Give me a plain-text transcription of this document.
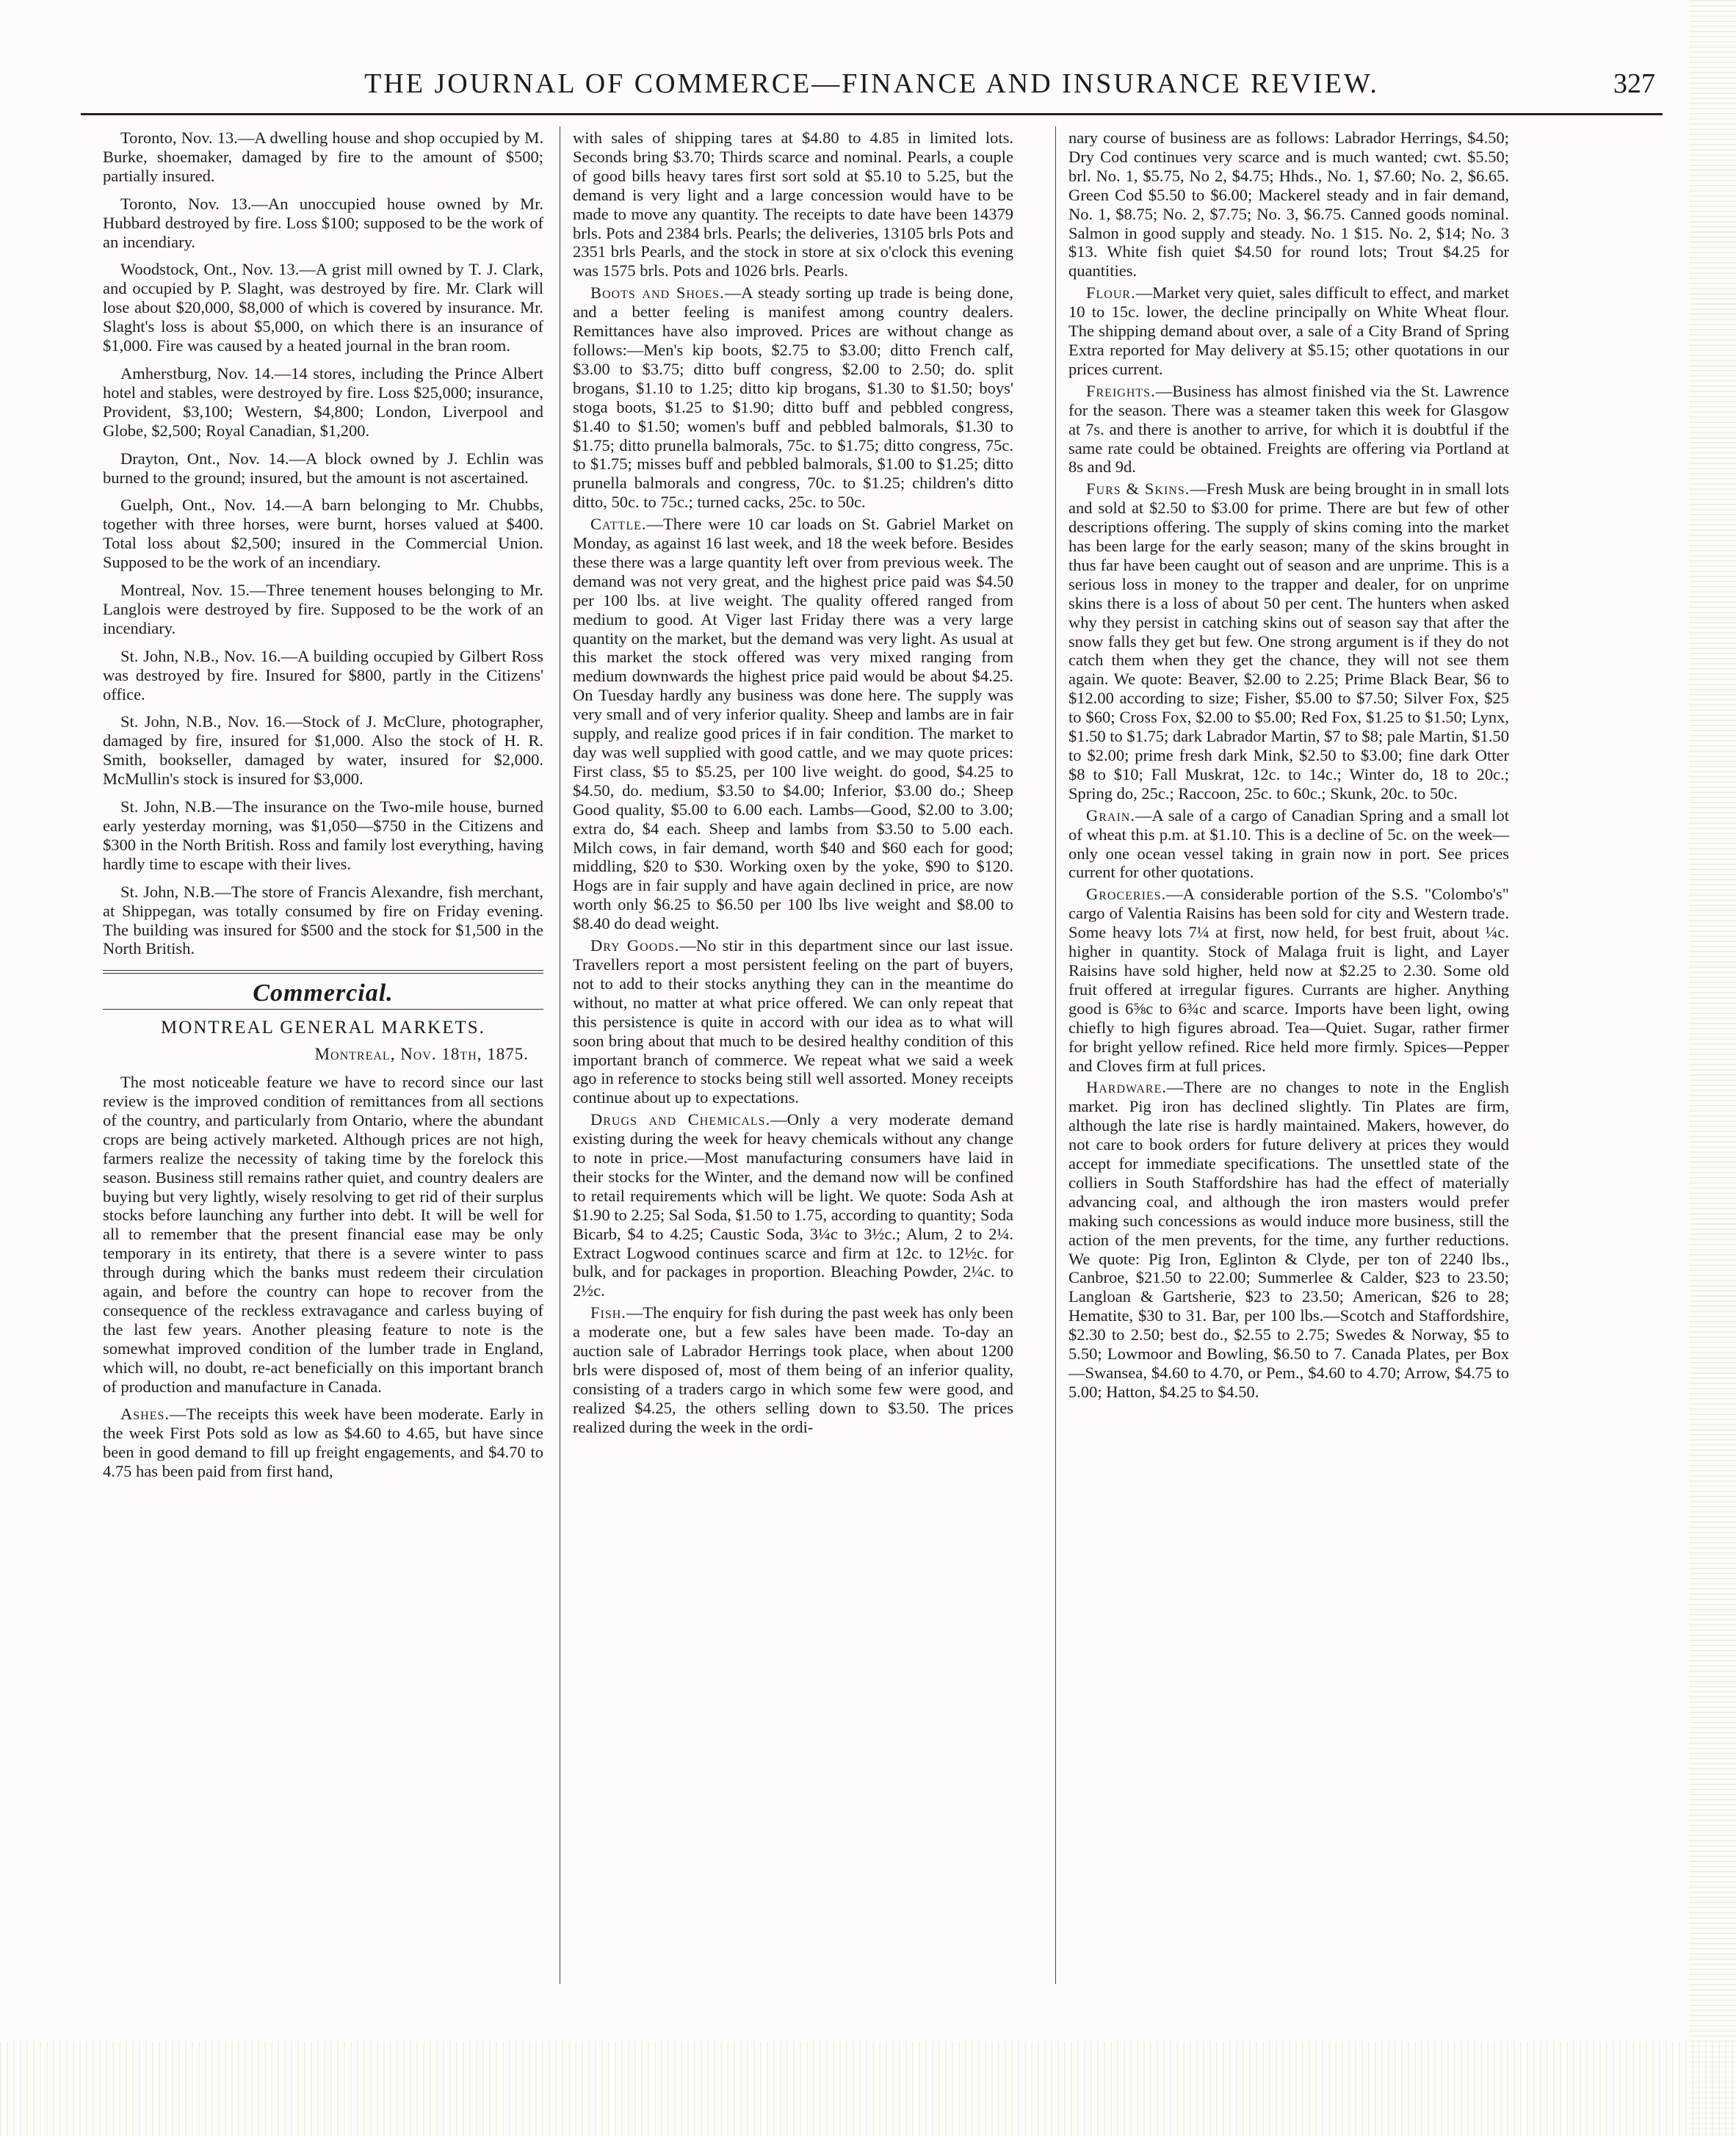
THE JOURNAL OF COMMERCE—FINANCE AND INSURANCE REVIEW.	327

Toronto, Nov. 13.—A dwelling house and shop occupied by M. Burke, shoemaker, damaged by fire to the amount of $500; partially insured.

Toronto, Nov. 13.—An unoccupied house owned by Mr. Hubbard destroyed by fire. Loss $100; supposed to be the work of an incendiary.

Woodstock, Ont., Nov. 13.—A grist mill owned by T. J. Clark, and occupied by P. Slaght, was destroyed by fire. Mr. Clark will lose about $20,000, $8,000 of which is covered by insurance. Mr. Slaght's loss is about $5,000, on which there is an insurance of $1,000. Fire was caused by a heated journal in the bran room.

Amherstburg, Nov. 14.—14 stores, including the Prince Albert hotel and stables, were destroyed by fire. Loss $25,000; insurance, Provident, $3,100; Western, $4,800; London, Liverpool and Globe, $2,500; Royal Canadian, $1,200.

Drayton, Ont., Nov. 14.—A block owned by J. Echlin was burned to the ground; insured, but the amount is not ascertained.

Guelph, Ont., Nov. 14.—A barn belonging to Mr. Chubbs, together with three horses, were burnt, horses valued at $400. Total loss about $2,500; insured in the Commercial Union. Supposed to be the work of an incendiary.

Montreal, Nov. 15.—Three tenement houses belonging to Mr. Langlois were destroyed by fire. Supposed to be the work of an incendiary.

St. John, N.B., Nov. 16.—A building occupied by Gilbert Ross was destroyed by fire. Insured for $800, partly in the Citizens' office.

St. John, N.B., Nov. 16.—Stock of J. McClure, photographer, damaged by fire, insured for $1,000. Also the stock of H. R. Smith, bookseller, damaged by water, insured for $2,000. McMullin's stock is insured for $3,000.

St. John, N.B.—The insurance on the Two-mile house, burned early yesterday morning, was $1,050—$750 in the Citizens and $300 in the North British. Ross and family lost everything, having hardly time to escape with their lives.

St. John, N.B.—The store of Francis Alexandre, fish merchant, at Shippegan, was totally consumed by fire on Friday evening. The building was insured for $500 and the stock for $1,500 in the North British.

Commercial.
MONTREAL GENERAL MARKETS.
Montreal, Nov. 18th, 1875.

The most noticeable feature we have to record since our last review is the improved condition of remittances from all sections of the country, and particularly from Ontario, where the abundant crops are being actively marketed. Although prices are not high, farmers realize the necessity of taking time by the forelock this season. Business still remains rather quiet, and country dealers are buying but very lightly, wisely resolving to get rid of their surplus stocks before launching any further into debt. It will be well for all to remember that the present financial ease may be only temporary in its entirety, that there is a severe winter to pass through during which the banks must redeem their circulation again, and before the country can hope to recover from the consequence of the reckless extravagance and carless buying of the last few years. Another pleasing feature to note is the somewhat improved condition of the lumber trade in England, which will, no doubt, re-act beneficially on this important branch of production and manufacture in Canada.

Ashes.—The receipts this week have been moderate. Early in the week First Pots sold as low as $4.60 to 4.65, but have since been in good demand to fill up freight engagements, and $4.70 to 4.75 has been paid from first hand,

with sales of shipping tares at $4.80 to 4.85 in limited lots. Seconds bring $3.70; Thirds scarce and nominal. Pearls, a couple of good bills heavy tares first sort sold at $5.10 to 5.25, but the demand is very light and a large concession would have to be made to move any quantity. The receipts to date have been 14379 brls. Pots and 2384 brls. Pearls; the deliveries, 13105 brls Pots and 2351 brls Pearls, and the stock in store at six o'clock this evening was 1575 brls. Pots and 1026 brls. Pearls.

Boots and Shoes.—A steady sorting up trade is being done, and a better feeling is manifest among country dealers. Remittances have also improved. Prices are without change as follows:—Men's kip boots, $2.75 to $3.00; ditto French calf, $3.00 to $3.75; ditto buff congress, $2.00 to 2.50; do. split brogans, $1.10 to 1.25; ditto kip brogans, $1.30 to $1.50; boys' stoga boots, $1.25 to $1.90; ditto buff and pebbled congress, $1.40 to $1.50; women's buff and pebbled balmorals, $1.30 to $1.75; ditto prunella balmorals, 75c. to $1.75; ditto congress, 75c. to $1.75; misses buff and pebbled balmorals, $1.00 to $1.25; ditto prunella balmorals and congress, 70c. to $1.25; children's ditto ditto, 50c. to 75c.; turned cacks, 25c. to 50c.

Cattle.—There were 10 car loads on St. Gabriel Market on Monday, as against 16 last week, and 18 the week before. Besides these there was a large quantity left over from previous week. The demand was not very great, and the highest price paid was $4.50 per 100 lbs. at live weight. The quality offered ranged from medium to good. At Viger last Friday there was a very large quantity on the market, but the demand was very light. As usual at this market the stock offered was very mixed ranging from medium downwards the highest price paid would be about $4.25. On Tuesday hardly any business was done here. The supply was very small and of very inferior quality. Sheep and lambs are in fair supply, and realize good prices if in fair condition. The market to day was well supplied with good cattle, and we may quote prices: First class, $5 to $5.25, per 100 live weight. do good, $4.25 to $4.50, do. medium, $3.50 to $4.00; Inferior, $3.00 do.; Sheep Good quality, $5.00 to 6.00 each. Lambs—Good, $2.00 to 3.00; extra do, $4 each. Sheep and lambs from $3.50 to 5.00 each. Milch cows, in fair demand, worth $40 and $60 each for good; middling, $20 to $30. Working oxen by the yoke, $90 to $120. Hogs are in fair supply and have again declined in price, are now worth only $6.25 to $6.50 per 100 lbs live weight and $8.00 to $8.40 do dead weight.

Dry Goods.—No stir in this department since our last issue. Travellers report a most persistent feeling on the part of buyers, not to add to their stocks anything they can in the meantime do without, no matter at what price offered. We can only repeat that this persistence is quite in accord with our idea as to what will soon bring about that much to be desired healthy condition of this important branch of commerce. We repeat what we said a week ago in reference to stocks being still well assorted. Money receipts continue about up to expectations.

Drugs and Chemicals.—Only a very moderate demand existing during the week for heavy chemicals without any change to note in price.—Most manufacturing consumers have laid in their stocks for the Winter, and the demand now will be confined to retail requirements which will be light. We quote: Soda Ash at $1.90 to 2.25; Sal Soda, $1.50 to 1.75, according to quantity; Soda Bicarb, $4 to 4.25; Caustic Soda, 3¼c to 3½c.; Alum, 2 to 2¼. Extract Logwood continues scarce and firm at 12c. to 12½c. for bulk, and for packages in proportion. Bleaching Powder, 2¼c. to 2½c.

Fish.—The enquiry for fish during the past week has only been a moderate one, but a few sales have been made. To-day an auction sale of Labrador Herrings took place, when about 1200 brls were disposed of, most of them being of an inferior quality, consisting of a traders cargo in which some few were good, and realized $4.25, the others selling down to $3.50. The prices realized during the week in the ordi-

nary course of business are as follows: Labrador Herrings, $4.50; Dry Cod continues very scarce and is much wanted; cwt. $5.50; brl. No. 1, $5.75, No 2, $4.75; Hhds., No. 1, $7.60; No. 2, $6.65. Green Cod $5.50 to $6.00; Mackerel steady and in fair demand, No. 1, $8.75; No. 2, $7.75; No. 3, $6.75. Canned goods nominal. Salmon in good supply and steady. No. 1 $15. No. 2, $14; No. 3 $13. White fish quiet $4.50 for round lots; Trout $4.25 for quantities.

Flour.—Market very quiet, sales difficult to effect, and market 10 to 15c. lower, the decline principally on White Wheat flour. The shipping demand about over, a sale of a City Brand of Spring Extra reported for May delivery at $5.15; other quotations in our prices current.

Freights.—Business has almost finished via the St. Lawrence for the season. There was a steamer taken this week for Glasgow at 7s. and there is another to arrive, for which it is doubtful if the same rate could be obtained. Freights are offering via Portland at 8s and 9d.

Furs & Skins.—Fresh Musk are being brought in in small lots and sold at $2.50 to $3.00 for prime. There are but few of other descriptions offering. The supply of skins coming into the market has been large for the early season; many of the skins brought in thus far have been caught out of season and are unprime. This is a serious loss in money to the trapper and dealer, for on unprime skins there is a loss of about 50 per cent. The hunters when asked why they persist in catching skins out of season say that after the snow falls they get but few. One strong argument is if they do not catch them when they get the chance, they will not see them again. We quote: Beaver, $2.00 to 2.25; Prime Black Bear, $6 to $12.00 according to size; Fisher, $5.00 to $7.50; Silver Fox, $25 to $60; Cross Fox, $2.00 to $5.00; Red Fox, $1.25 to $1.50; Lynx, $1.50 to $1.75; dark Labrador Martin, $7 to $8; pale Martin, $1.50 to $2.00; prime fresh dark Mink, $2.50 to $3.00; fine dark Otter $8 to $10; Fall Muskrat, 12c. to 14c.; Winter do, 18 to 20c.; Spring do, 25c.; Raccoon, 25c. to 60c.; Skunk, 20c. to 50c.

Grain.—A sale of a cargo of Canadian Spring and a small lot of wheat this p.m. at $1.10. This is a decline of 5c. on the week—only one ocean vessel taking in grain now in port. See prices current for other quotations.

Groceries.—A considerable portion of the S.S. "Colombo's" cargo of Valentia Raisins has been sold for city and Western trade. Some heavy lots 7¼ at first, now held, for best fruit, about ¼c. higher in quantity. Stock of Malaga fruit is light, and Layer Raisins have sold higher, held now at $2.25 to 2.30. Some old fruit offered at irregular figures. Currants are higher. Anything good is 6⅝c to 6¾c and scarce. Imports have been light, owing chiefly to high figures abroad. Tea—Quiet. Sugar, rather firmer for bright yellow refined. Rice held more firmly. Spices—Pepper and Cloves firm at full prices.

Hardware.—There are no changes to note in the English market. Pig iron has declined slightly. Tin Plates are firm, although the late rise is hardly maintained. Makers, however, do not care to book orders for future delivery at prices they would accept for immediate specifications. The unsettled state of the colliers in South Staffordshire has had the effect of materially advancing coal, and although the iron masters would prefer making such concessions as would induce more business, still the action of the men prevents, for the time, any further reductions. We quote: Pig Iron, Eglinton & Clyde, per ton of 2240 lbs., Canbroe, $21.50 to 22.00; Summerlee & Calder, $23 to 23.50; Langloan & Gartsherie, $23 to 23.50; American, $26 to 28; Hematite, $30 to 31. Bar, per 100 lbs.—Scotch and Staffordshire, $2.30 to 2.50; best do., $2.55 to 2.75; Swedes & Norway, $5 to 5.50; Lowmoor and Bowling, $6.50 to 7. Canada Plates, per Box—Swansea, $4.60 to 4.70, or Pem., $4.60 to 4.70; Arrow, $4.75 to 5.00; Hatton, $4.25 to $4.50.
